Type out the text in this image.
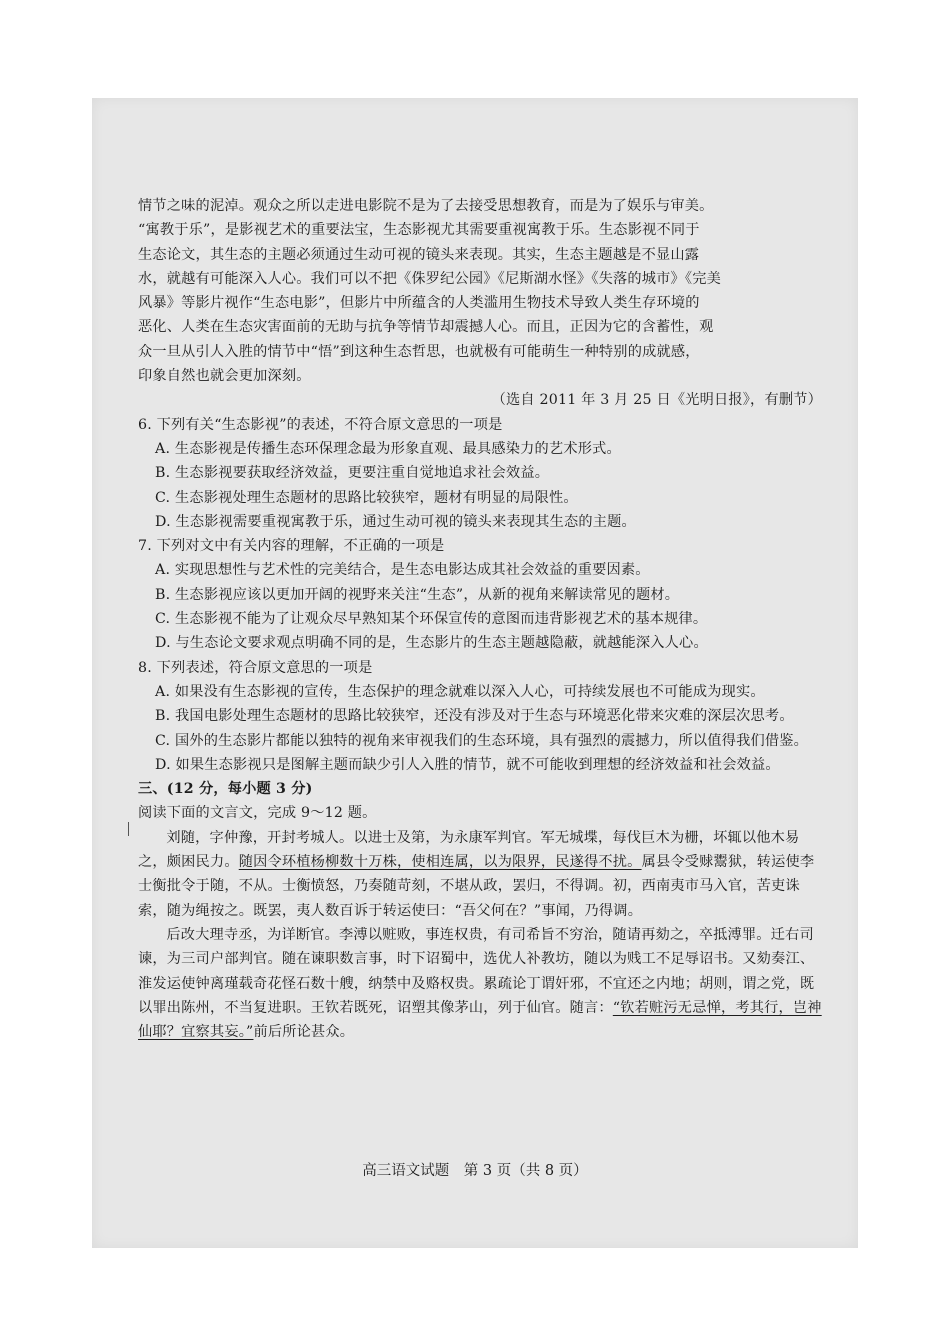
情节之味的泥淖。观众之所以走进电影院不是为了去接受思想教育，而是为了娱乐与审美。

“寓教于乐”，是影视艺术的重要法宝，生态影视尤其需要重视寓教于乐。生态影视不同于

生态论文，其生态的主题必须通过生动可视的镜头来表现。其实，生态主题越是不显山露

水，就越有可能深入人心。我们可以不把《侏罗纪公园》《尼斯湖水怪》《失落的城市》《完美

风暴》等影片视作“生态电影”，但影片中所蕴含的人类滥用生物技术导致人类生存环境的

恶化、人类在生态灾害面前的无助与抗争等情节却震撼人心。而且，正因为它的含蓄性，观

众一旦从引人入胜的情节中“悟”到这种生态哲思，也就极有可能萌生一种特别的成就感，

印象自然也就会更加深刻。

（选自 2011 年 3 月 25 日《光明日报》，有删节）

6. 下列有关“生态影视”的表述，不符合原文意思的一项是

A. 生态影视是传播生态环保理念最为形象直观、最具感染力的艺术形式。

B. 生态影视要获取经济效益，更要注重自觉地追求社会效益。

C. 生态影视处理生态题材的思路比较狭窄，题材有明显的局限性。

D. 生态影视需要重视寓教于乐，通过生动可视的镜头来表现其生态的主题。

7. 下列对文中有关内容的理解，不正确的一项是

A. 实现思想性与艺术性的完美结合，是生态电影达成其社会效益的重要因素。

B. 生态影视应该以更加开阔的视野来关注“生态”，从新的视角来解读常见的题材。

C. 生态影视不能为了让观众尽早熟知某个环保宣传的意图而违背影视艺术的基本规律。

D. 与生态论文要求观点明确不同的是，生态影片的生态主题越隐蔽，就越能深入人心。

8. 下列表述，符合原文意思的一项是

A. 如果没有生态影视的宣传，生态保护的理念就难以深入人心，可持续发展也不可能成为现实。

B. 我国电影处理生态题材的思路比较狭窄，还没有涉及对于生态与环境恶化带来灾难的深层次思考。

C. 国外的生态影片都能以独特的视角来审视我们的生态环境，具有强烈的震撼力，所以值得我们借鉴。

D. 如果生态影视只是图解主题而缺少引人入胜的情节，就不可能收到理想的经济效益和社会效益。

三、(12 分，每小题 3 分)

阅读下面的文言文，完成 9～12 题。

刘随，字仲豫，开封考城人。以进士及第，为永康军判官。军无城堞，每伐巨木为栅，坏辄以他木易之，颇困民力。随因令环植杨柳数十万株，使相连属，以为限界，民遂得不扰。属县令受赇鬻狱，转运使李士衡批令于随，不从。士衡愤怒，乃奏随苛刻，不堪从政，罢归，不得调。初，西南夷市马入官，苦吏诛索，随为绳按之。既罢，夷人数百诉于转运使曰：“吾父何在？”事闻，乃得调。

后改大理寺丞，为详断官。李溥以赃败，事连权贵，有司希旨不穷治，随请再劾之，卒抵溥罪。迁右司谏，为三司户部判官。随在谏职数言事，时下诏蜀中，选优人补教坊，随以为贱工不足辱诏书。又劾奏江、淮发运使钟离瑾载奇花怪石数十艘，纳禁中及赂权贵。累疏论丁谓奸邪，不宜还之内地；胡则，谓之党，既以罪出陈州，不当复进职。王钦若既死，诏塑其像茅山，列于仙官。随言：“钦若赃污无忌惮，考其行，岂神仙耶？宜察其妄。”前后所论甚众。

高三语文试题　第 3 页（共 8 页）
